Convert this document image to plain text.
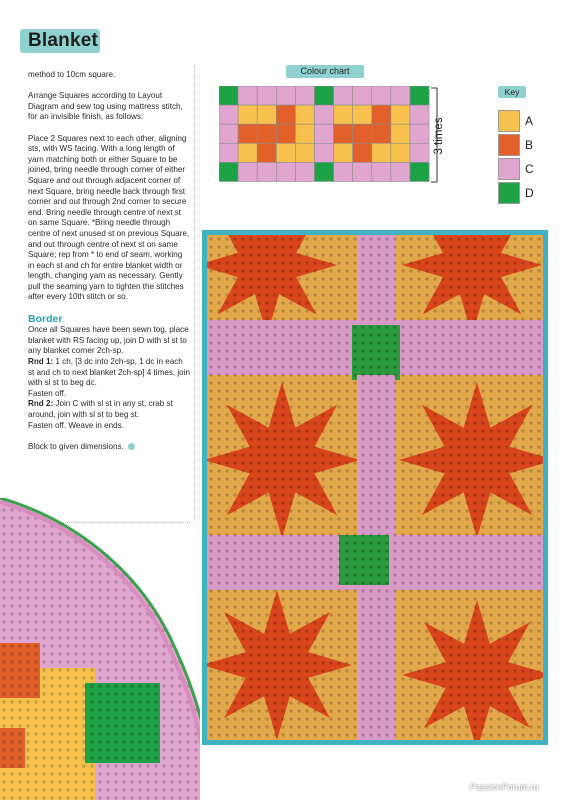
Blanket

method to 10cm square.

Arrange Squares according to Layout Diagram and sew tog using mattress stitch, for an invisible finish, as follows:

Place 2 Squares next to each other, aligning sts, with WS facing. With a long length of yarn matching both or either Square to be joined, bring needle through corner of either Square and out through adjacent corner of next Square, bring needle back through first corner and out through 2nd corner to secure end. Bring needle through centre of next st on same Square. *Bring needle through centre of next unused st on previous Square, and out through centre of next st on same Square; rep from * to end of seam, working in each st and ch for entire blanket width or length, changing yarn as necessary. Gently pull the seaming yarn to tighten the stitches after every 10th stitch or so.

Border

Once all Squares have been sewn tog, place blanket with RS facing up, join D with sl st to any blanket corner 2ch-sp.

Rnd 1: 1 ch, [3 dc into 2ch-sp, 1 dc in each st and ch to next blanket 2ch-sp] 4 times, join with sl st to beg dc.

Fasten off.

Rnd 2: Join C with sl st in any st, crab st around, join with sl st to beg st.

Fasten off. Weave in ends.

Block to given dimensions.

Colour chart
3 times
Key
A
B
C
D
PassionForum.ru
